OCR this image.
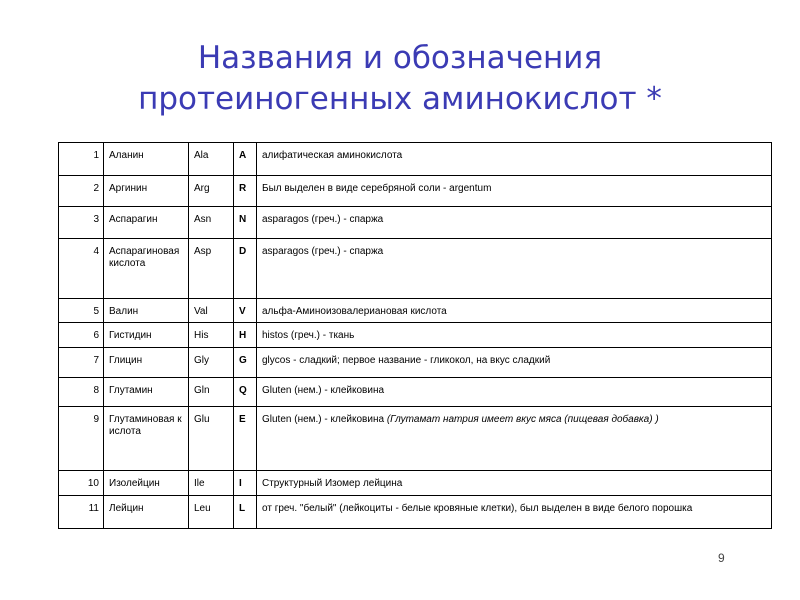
Названия и обозначения
протеиногенных аминокислот *
1	Аланин	Ala	A	алифатическая аминокислота
2	Аргинин	Arg	R	Был выделен в виде серебряной соли - argentum
3	Аспарагин	Asn	N	asparagos (греч.) - спаржа
4	Аспарагиновая кислота	Asp	D	asparagos (греч.) - спаржа
5	Валин	Val	V	альфа-Аминоизовалериановая кислота
6	Гистидин	His	H	histos (греч.) - ткань
7	Глицин	Gly	G	glycos - сладкий; первое название - гликокол, на вкус сладкий
8	Глутамин	Gln	Q	Gluten (нем.) - клейковина
9	Глутаминовая кислота	Glu	E	Gluten (нем.) - клейковина (Глутамат натрия имеет вкус мяса (пищевая добавка) )
10	Изолейцин	Ile	I	Структурный Изомер лейцина
11	Лейцин	Leu	L	от греч. "белый" (лейкоциты - белые кровяные клетки), был выделен в виде белого порошка
9
